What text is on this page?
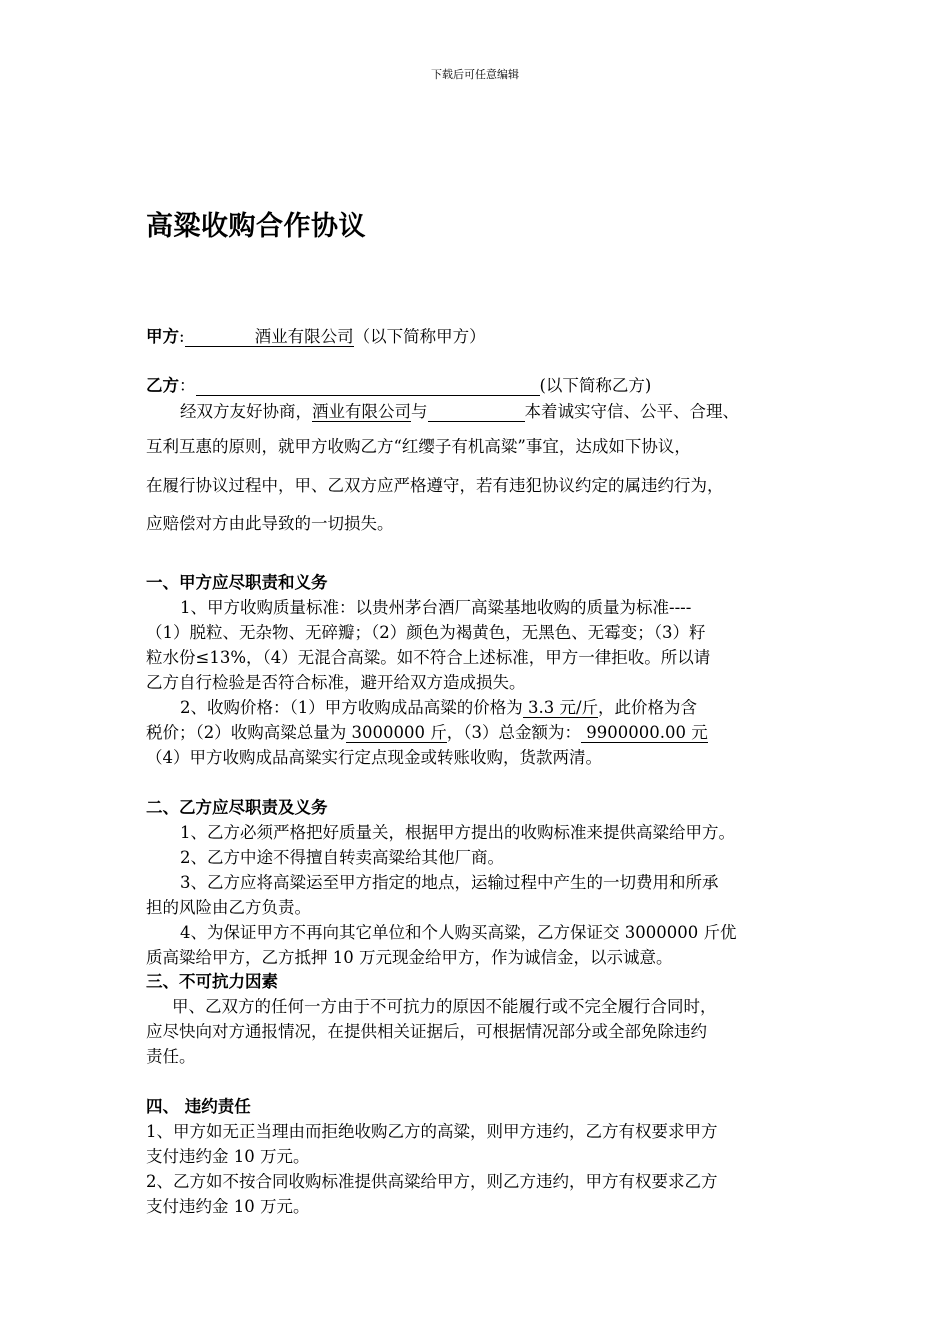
下载后可任意编辑
高粱收购合作协议
甲方:	酒业有限公司（以下简称甲方）
乙方：	(以下简称乙方)
经双方友好协商，酒业有限公司与	本着诚实守信、公平、合理、
互利互惠的原则，就甲方收购乙方“红缨子有机高粱”事宜，达成如下协议，
在履行协议过程中，甲、乙双方应严格遵守，若有违犯协议约定的属违约行为，
应赔偿对方由此导致的一切损失。
一、甲方应尽职责和义务
1、甲方收购质量标准：以贵州茅台酒厂高粱基地收购的质量为标准----
（1）脱粒、无杂物、无碎瓣；（2）颜色为褐黄色，无黑色、无霉变；（3）籽
粒水份≤13%，（4）无混合高粱。如不符合上述标准，甲方一律拒收。所以请
乙方自行检验是否符合标准，避开给双方造成损失。
2、收购价格：（1）甲方收购成品高粱的价格为 3.3 元/斤，此价格为含
税价；（2）收购高粱总量为 3000000 斤，（3）总金额为： 9900000.00 元
（4）甲方收购成品高粱实行定点现金或转账收购，货款两清。
二、乙方应尽职责及义务
1、乙方必须严格把好质量关，根据甲方提出的收购标准来提供高粱给甲方。
2、乙方中途不得擅自转卖高粱给其他厂商。
3、乙方应将高粱运至甲方指定的地点，运输过程中产生的一切费用和所承
担的风险由乙方负责。
4、为保证甲方不再向其它单位和个人购买高粱，乙方保证交 3000000 斤优
质高粱给甲方，乙方抵押 10 万元现金给甲方，作为诚信金，以示诚意。
三、不可抗力因素
甲、乙双方的任何一方由于不可抗力的原因不能履行或不完全履行合同时，
应尽快向对方通报情况，在提供相关证据后，可根据情况部分或全部免除违约
责任。
四、 违约责任
1、甲方如无正当理由而拒绝收购乙方的高粱，则甲方违约，乙方有权要求甲方
支付违约金 10 万元。
2、乙方如不按合同收购标准提供高粱给甲方，则乙方违约，甲方有权要求乙方
支付违约金 10 万元。
